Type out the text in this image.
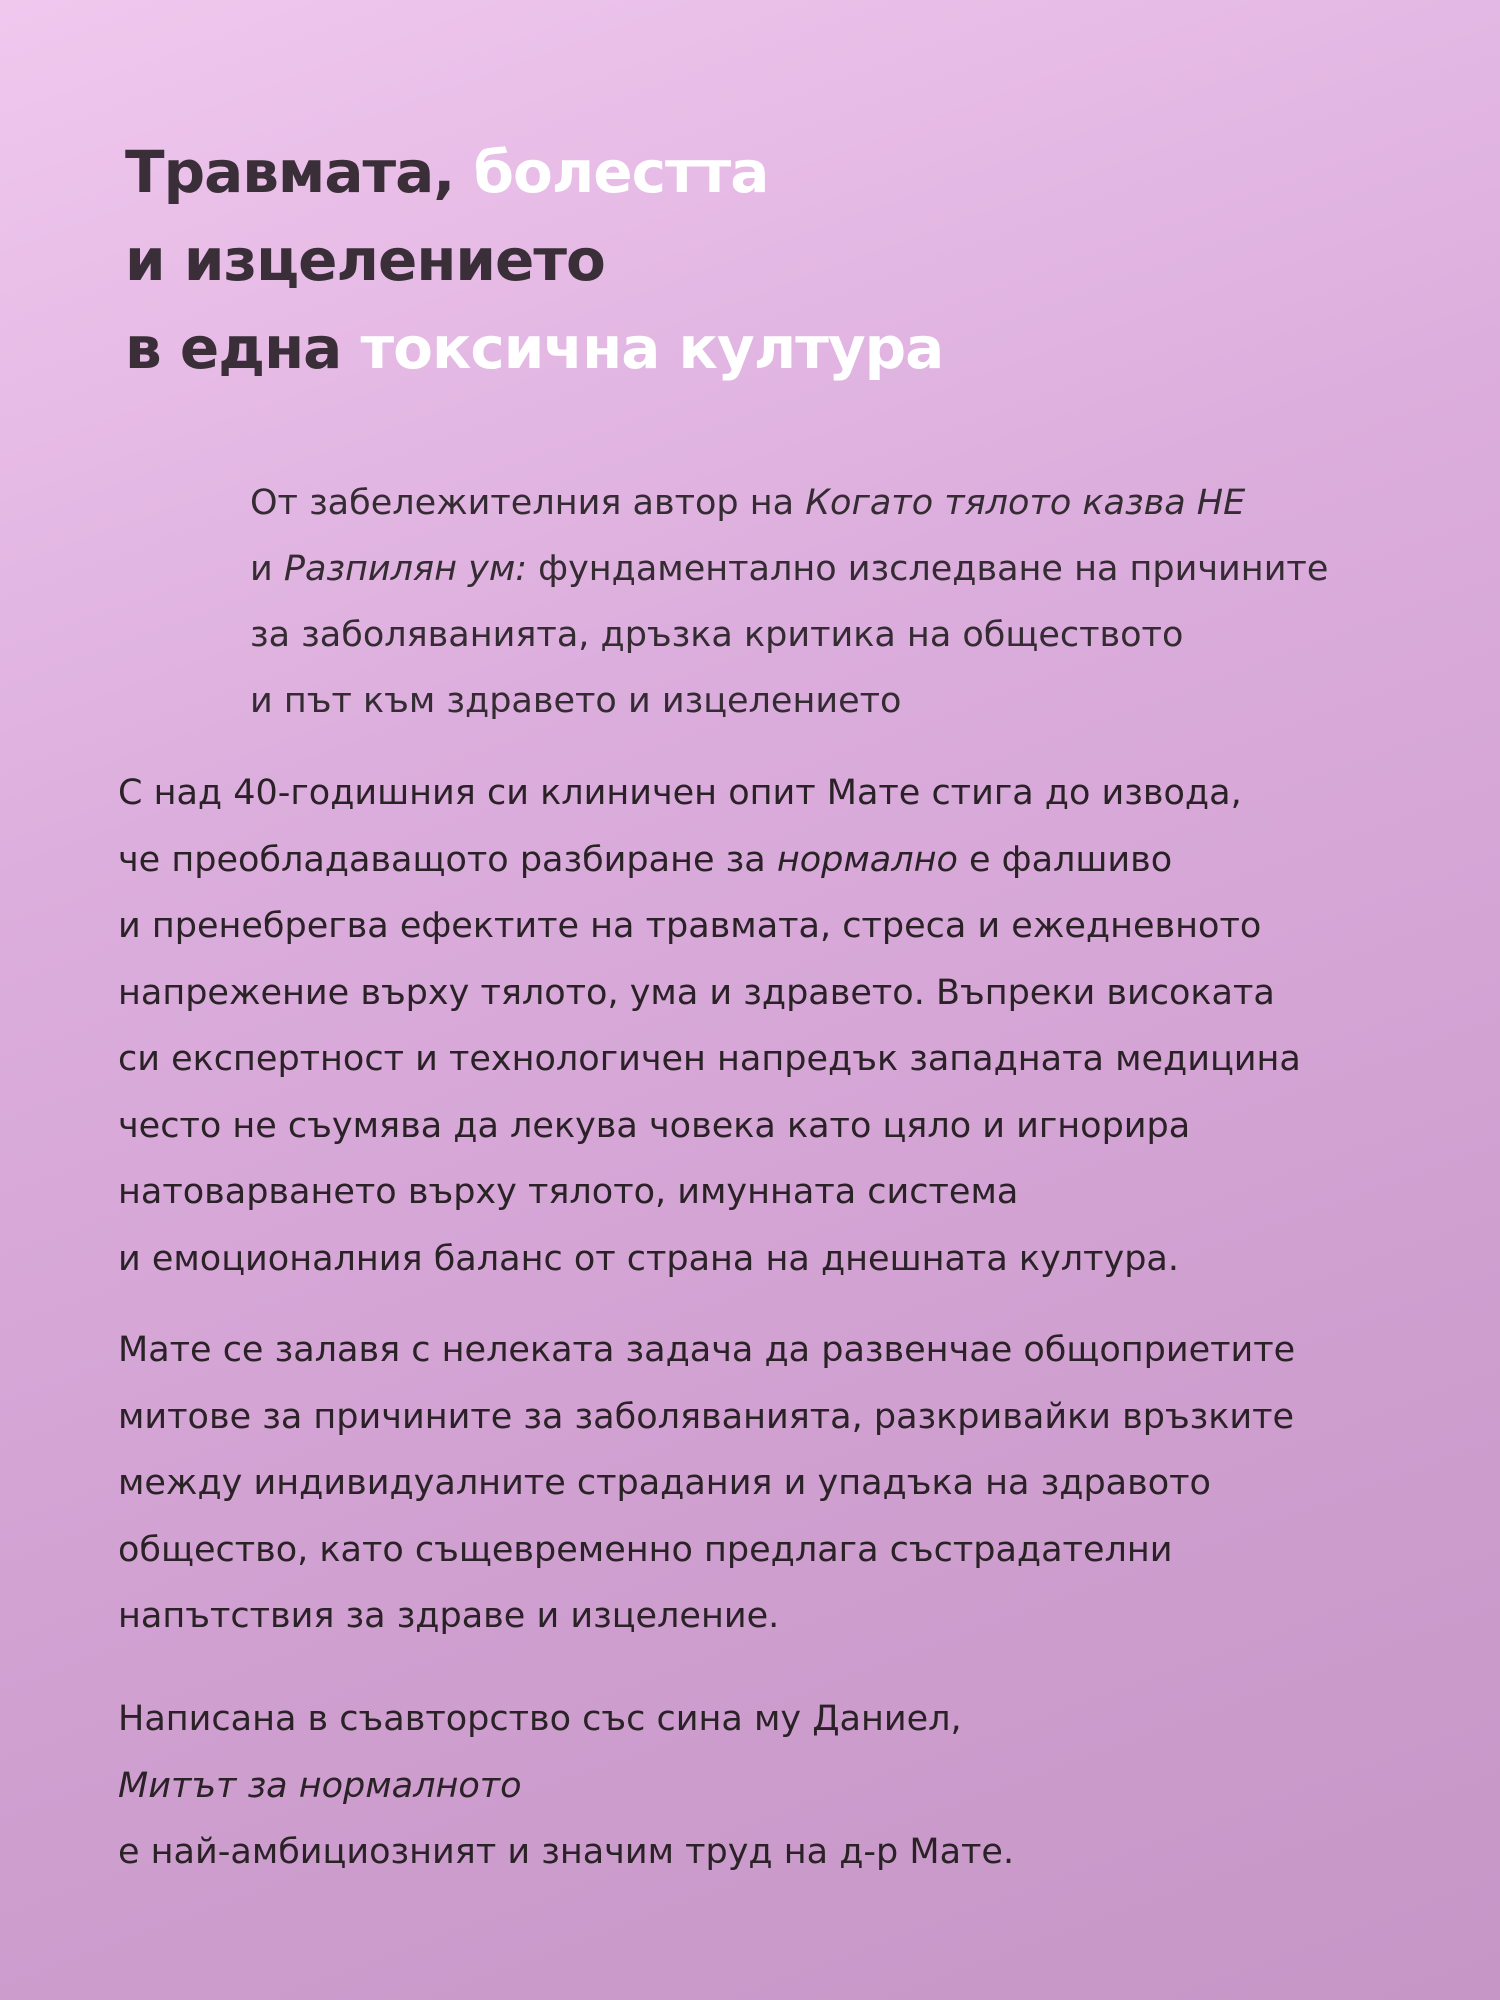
Травмата, болестта
и изцелението
в една токсична култура

От забележителния автор на Когато тялото казва НЕ
и Разпилян ум: фундаментално изследване на причините
за заболяванията, дръзка критика на обществото
и път към здравето и изцелението

С над 40-годишния си клиничен опит Мате стига до извода,
че преобладаващото разбиране за нормално е фалшиво
и пренебрегва ефектите на травмата, стреса и ежедневното
напрежение върху тялото, ума и здравето. Въпреки високата
си експертност и технологичен напредък западната медицина
често не съумява да лекува човека като цяло и игнорира
натоварването върху тялото, имунната система
и емоционалния баланс от страна на днешната култура.

Мате се залавя с нелеката задача да развенчае общоприетите
митове за причините за заболяванията, разкривайки връзките
между индивидуалните страдания и упадъка на здравото
общество, като същевременно предлага състрадателни
напътствия за здраве и изцеление.

Написана в съавторство със сина му Даниел,
Митът за нормалното
е най-амбициозният и значим труд на д-р Мате.
